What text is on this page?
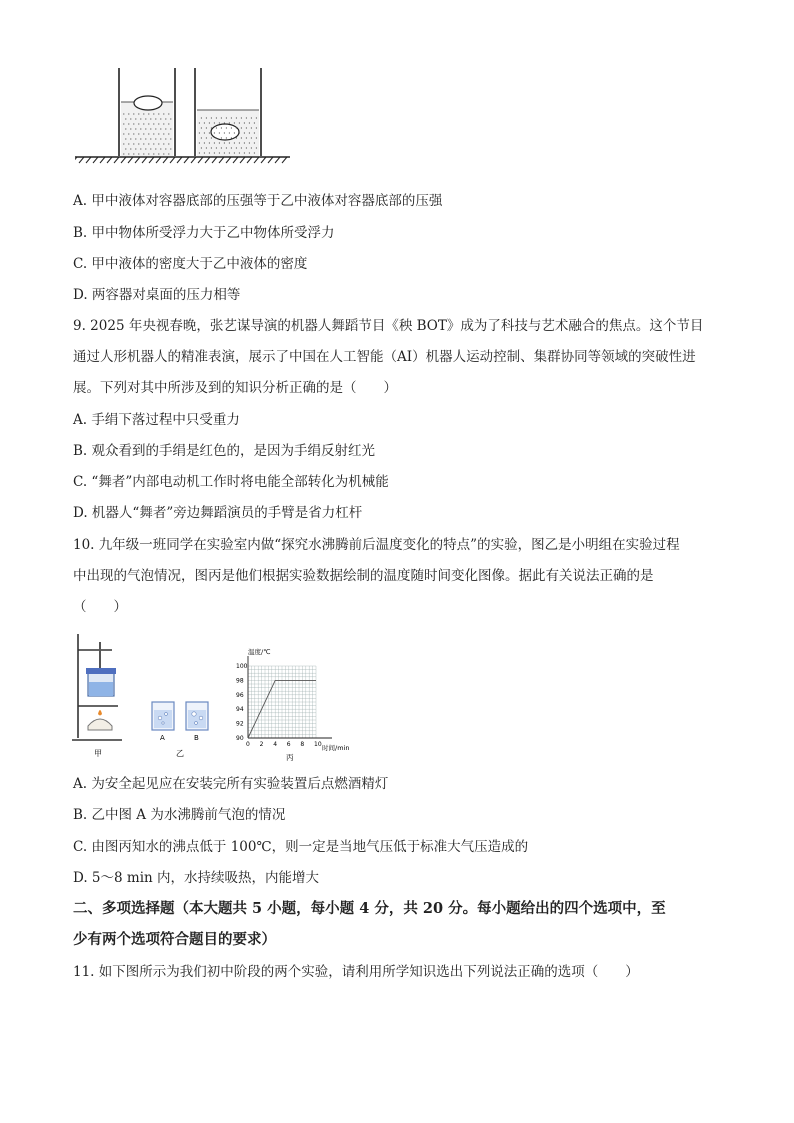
A. 甲中液体对容器底部的压强等于乙中液体对容器底部的压强
B. 甲中物体所受浮力大于乙中物体所受浮力
C. 甲中液体的密度大于乙中液体的密度
D. 两容器对桌面的压力相等
9. 2025 年央视春晚，张艺谋导演的机器人舞蹈节目《秧 BOT》成为了科技与艺术融合的焦点。这个节目
通过人形机器人的精准表演，展示了中国在人工智能（AI）机器人运动控制、集群协同等领域的突破性进
展。下列对其中所涉及到的知识分析正确的是（　　）
A. 手绢下落过程中只受重力
B. 观众看到的手绢是红色的，是因为手绢反射红光
C. “舞者”内部电动机工作时将电能全部转化为机械能
D. 机器人“舞者”旁边舞蹈演员的手臂是省力杠杆
10. 九年级一班同学在实验室内做“探究水沸腾前后温度变化的特点”的实验，图乙是小明组在实验过程
中出现的气泡情况，图丙是他们根据实验数据绘制的温度随时间变化图像。据此有关说法正确的是
（　　）
甲
A	B
乙
温度/℃
时间/min
丙
0 2 4 6 8 10
90
92
94
96
98
100
A. 为安全起见应在安装完所有实验装置后点燃酒精灯
B. 乙中图 A 为水沸腾前气泡的情况
C. 由图丙知水的沸点低于 100℃，则一定是当地气压低于标准大气压造成的
D. 5～8 min 内，水持续吸热，内能增大
二、多项选择题（本大题共 5 小题，每小题 4 分，共 20 分。每小题给出的四个选项中，至
少有两个选项符合题目的要求）
11. 如下图所示为我们初中阶段的两个实验，请利用所学知识选出下列说法正确的选项（　　）
